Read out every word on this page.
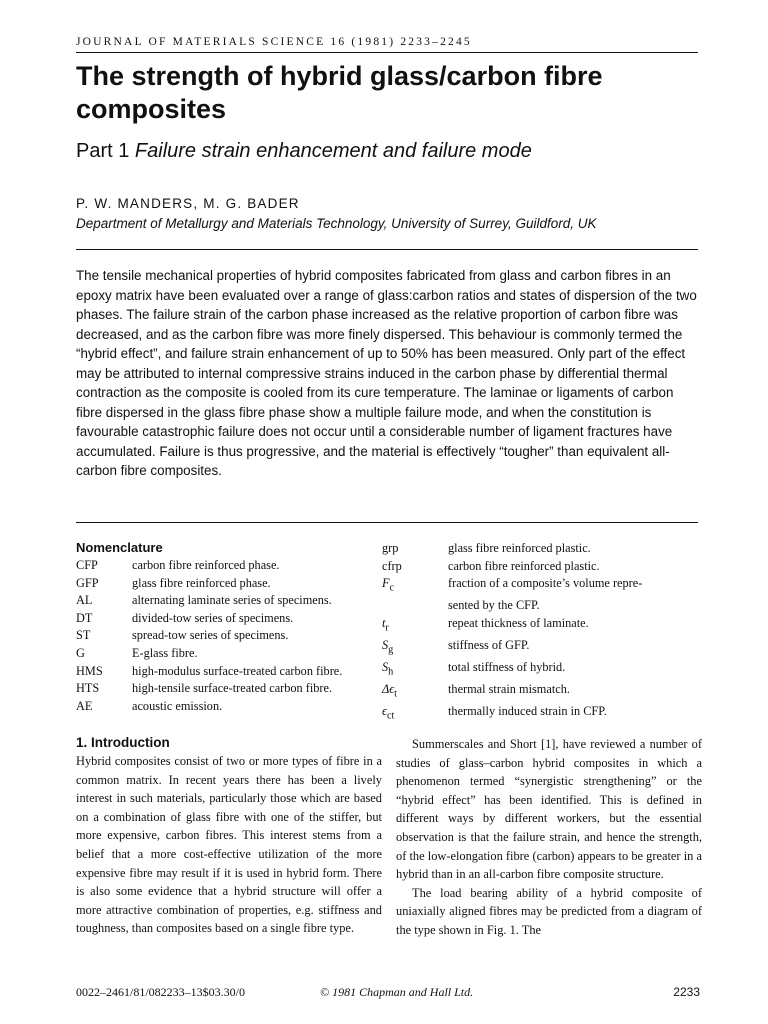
JOURNAL OF MATERIALS SCIENCE 16 (1981) 2233–2245
The strength of hybrid glass/carbon fibre composites
Part 1 Failure strain enhancement and failure mode
P. W. MANDERS, M. G. BADER
Department of Metallurgy and Materials Technology, University of Surrey, Guildford, UK

The tensile mechanical properties of hybrid composites fabricated from glass and carbon fibres in an epoxy matrix have been evaluated over a range of glass:carbon ratios and states of dispersion of the two phases. The failure strain of the carbon phase increased as the relative proportion of carbon fibre was decreased, and as the carbon fibre was more finely dispersed. This behaviour is commonly termed the “hybrid effect”, and failure strain enhancement of up to 50% has been measured. Only part of the effect may be attributed to internal compressive strains induced in the carbon phase by differential thermal contraction as the composite is cooled from its cure temperature. The laminae or ligaments of carbon fibre dispersed in the glass fibre phase show a multiple failure mode, and when the constitution is favourable catastrophic failure does not occur until a considerable number of ligament fractures have accumulated. Failure is thus progressive, and the material is effectively “tougher” than equivalent all-carbon fibre composites.

Nomenclature
CFP	carbon fibre reinforced phase.
GFP	glass fibre reinforced phase.
AL	alternating laminate series of specimens.
DT	divided-tow series of specimens.
ST	spread-tow series of specimens.
G	E-glass fibre.
HMS	high-modulus surface-treated carbon fibre.
HTS	high-tensile surface-treated carbon fibre.
AE	acoustic emission.
grp	glass fibre reinforced plastic.
cfrp	carbon fibre reinforced plastic.
$F_c$	fraction of a composite’s volume repre-
sented by the CFP.
$t_r$	repeat thickness of laminate.
$S_g$	stiffness of GFP.
$S_h$	total stiffness of hybrid.
$\Delta\epsilon_t$	thermal strain mismatch.
$\epsilon_{ct}$	thermally induced strain in CFP.
1. Introduction

Hybrid composites consist of two or more types of fibre in a common matrix. In recent years there has been a lively interest in such materials, particularly those which are based on a combination of glass fibre with one of the stiffer, but more expensive, carbon fibres. This interest stems from a belief that a more cost-effective utilization of the more expensive fibre may result if it is used in hybrid form. There is also some evidence that a hybrid structure will offer a more attractive combination of properties, e.g. stiffness and toughness, than composites based on a single fibre type.

Summerscales and Short [1], have reviewed a number of studies of glass–carbon hybrid composites in which a phenomenon termed “synergistic strengthening” or the “hybrid effect” has been identified. This is defined in different ways by different workers, but the essential observation is that the failure strain, and hence the strength, of the low-elongation fibre (carbon) appears to be greater in a hybrid than in an all-carbon fibre composite structure.

The load bearing ability of a hybrid composite of uniaxially aligned fibres may be predicted from a diagram of the type shown in Fig. 1. The

0022–2461/81/082233–13$03.30/0	© 1981 Chapman and Hall Ltd.	2233
